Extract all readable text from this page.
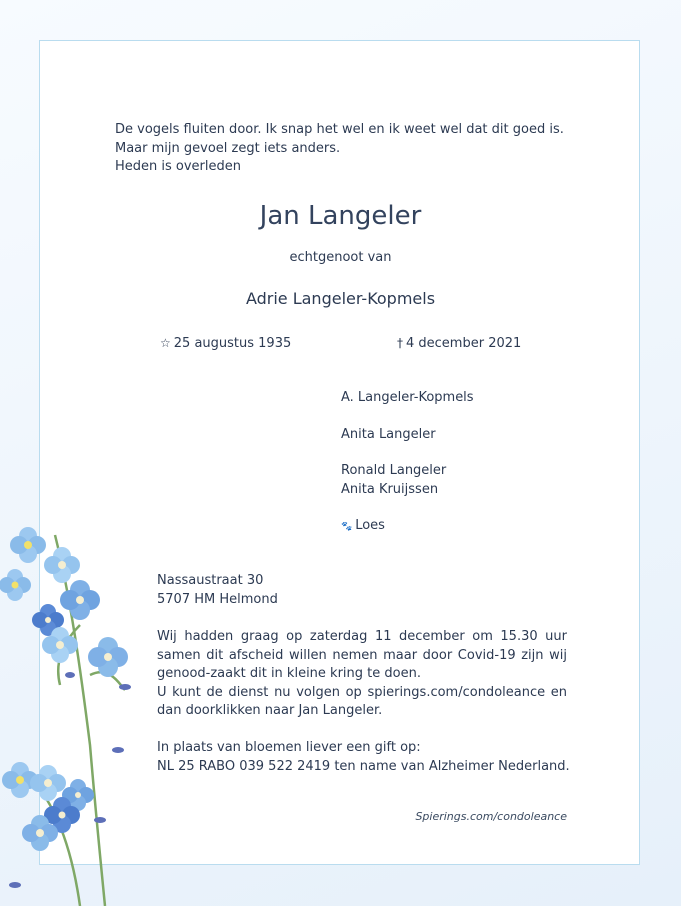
De vogels fluiten door. Ik snap het wel en ik weet wel dat dit goed is.
Maar mijn gevoel zegt iets anders.
Heden is overleden
Jan Langeler
echtgenoot van
Adrie Langeler-Kopmels
☆ 25 augustus 1935	† 4 december 2021
A. Langeler-Kopmels
Anita Langeler
Ronald Langeler
Anita Kruijssen
🐾 Loes
Nassaustraat 30
5707 HM Helmond

Wij hadden graag op zaterdag 11 december om 15.30 uur samen dit afscheid willen nemen maar door Covid-19 zijn wij genood-zaakt dit in kleine kring te doen.

U kunt de dienst nu volgen op spierings.com/condoleance en dan doorklikken naar Jan Langeler.

In plaats van bloemen liever een gift op:
NL 25 RABO 039 522 2419 ten name van Alzheimer Nederland.
Spierings.com/condoleance
